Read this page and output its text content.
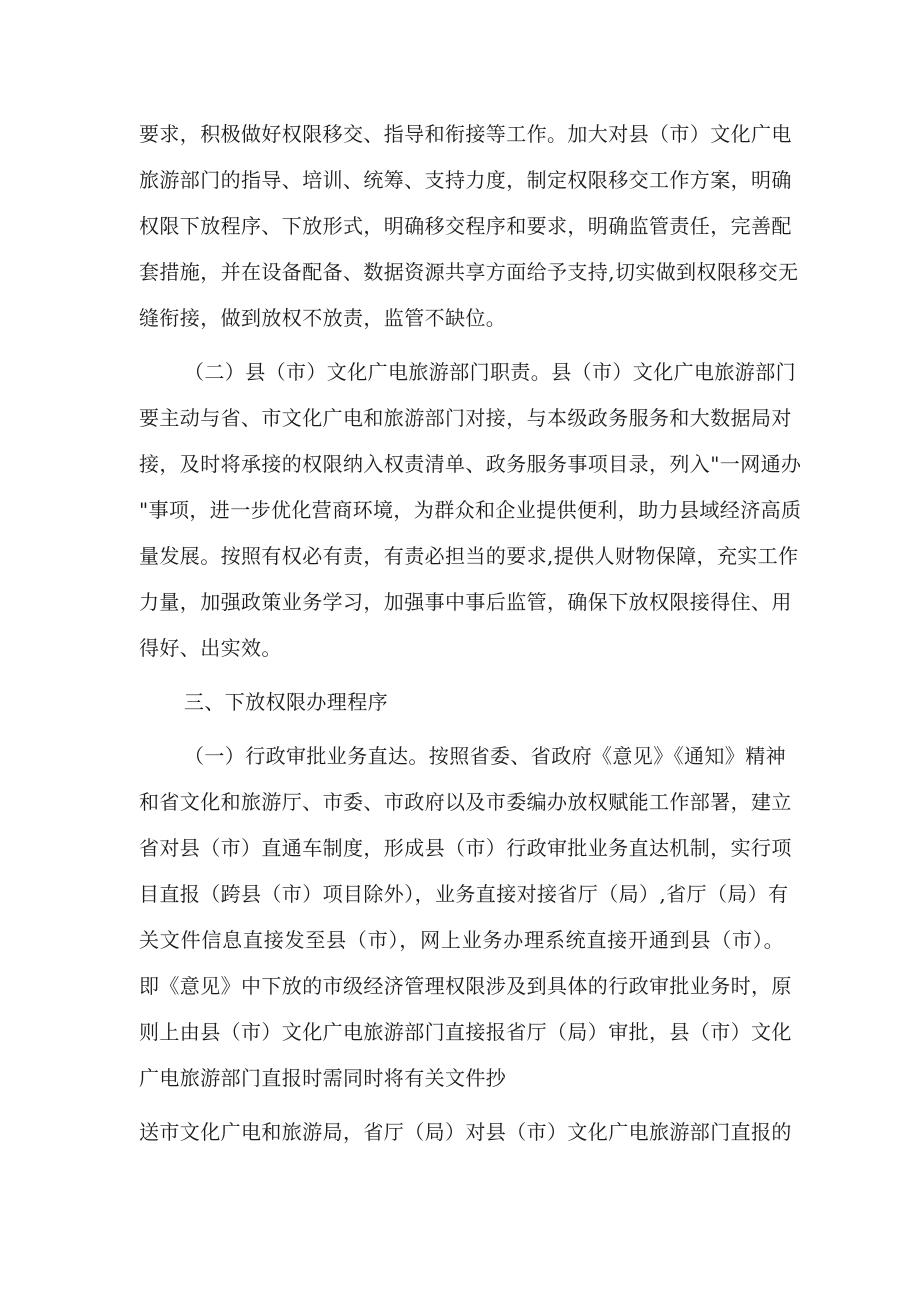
要求，积极做好权限移交、指导和衔接等工作。加大对县（市）文化广电
旅游部门的指导、培训、统筹、支持力度，制定权限移交工作方案，明确
权限下放程序、下放形式，明确移交程序和要求，明确监管责任，完善配
套措施，并在设备配备、数据资源共享方面给予支持,切实做到权限移交无
缝衔接，做到放权不放责，监管不缺位。
（二）县（市）文化广电旅游部门职责。县（市）文化广电旅游部门
要主动与省、市文化广电和旅游部门对接，与本级政务服务和大数据局对
接，及时将承接的权限纳入权责清单、政务服务事项目录，列入"一网通办
"事项，进一步优化营商环境，为群众和企业提供便利，助力县域经济高质
量发展。按照有权必有责，有责必担当的要求,提供人财物保障，充实工作
力量，加强政策业务学习，加强事中事后监管，确保下放权限接得住、用
得好、出实效。
三、下放权限办理程序
（一）行政审批业务直达。按照省委、省政府《意见》《通知》精神
和省文化和旅游厅、市委、市政府以及市委编办放权赋能工作部署，建立
省对县（市）直通车制度，形成县（市）行政审批业务直达机制，实行项
目直报（跨县（市）项目除外），业务直接对接省厅（局）,省厅（局）有
关文件信息直接发至县（市），网上业务办理系统直接开通到县（市）。
即《意见》中下放的市级经济管理权限涉及到具体的行政审批业务时，原
则上由县（市）文化广电旅游部门直接报省厅（局）审批，县（市）文化
广电旅游部门直报时需同时将有关文件抄
送市文化广电和旅游局，省厅（局）对县（市）文化广电旅游部门直报的
